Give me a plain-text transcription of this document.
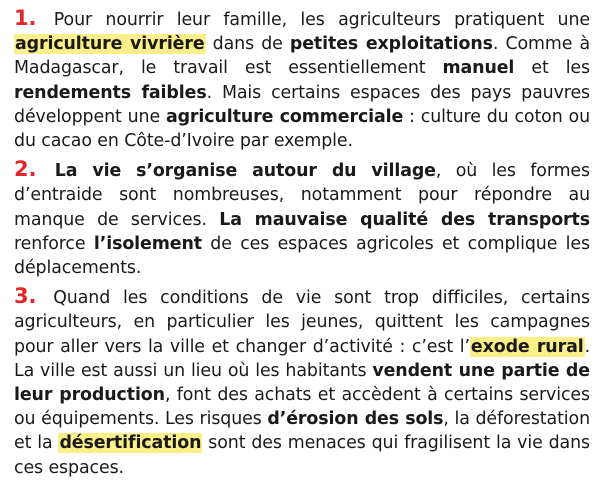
1. Pour nourrir leur famille, les agriculteurs pratiquent une agriculture vivrière dans de petites exploitations. Comme à Madagascar, le travail est essentiellement manuel et les rendements faibles. Mais certains espaces des pays pauvres développent une agriculture commerciale : culture du coton ou du cacao en Côte-d’Ivoire par exemple.

2. La vie s’organise autour du village, où les formes d’entraide sont nombreuses, notamment pour répondre au manque de services. La mauvaise qualité des transports renforce l’isolement de ces espaces agricoles et complique les déplacements.

3. Quand les conditions de vie sont trop difficiles, certains agriculteurs, en particulier les jeunes, quittent les campagnes pour aller vers la ville et changer d’activité : c’est l’exode rural. La ville est aussi un lieu où les habitants vendent une partie de leur production, font des achats et accèdent à certains services ou équipements. Les risques d’érosion des sols, la déforestation et la désertification sont des menaces qui fragilisent la vie dans ces espaces.
